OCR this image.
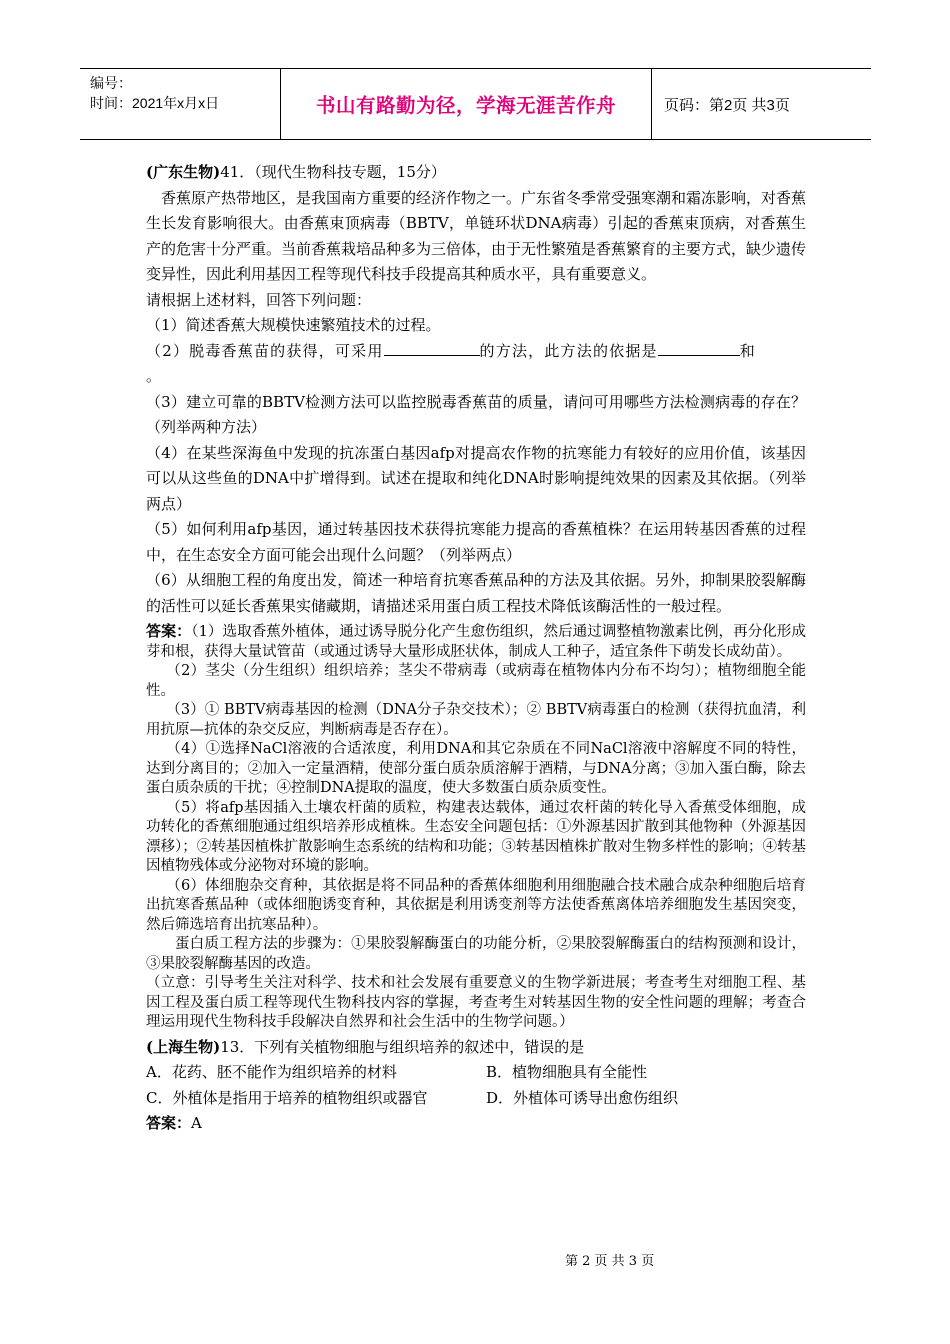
编号：
时间：2021年x月x日	书山有路勤为径，学海无涯苦作舟	页码：第2页 共3页

(广东生物)41．（现代生物科技专题，15分）

香蕉原产热带地区，是我国南方重要的经济作物之一。广东省冬季常受强寒潮和霜冻影响，对香蕉生长发育影响很大。由香蕉束顶病毒（BBTV，单链环状DNA病毒）引起的香蕉束顶病，对香蕉生产的危害十分严重。当前香蕉栽培品种多为三倍体，由于无性繁殖是香蕉繁育的主要方式，缺少遗传变异性，因此利用基因工程等现代科技手段提高其种质水平，具有重要意义。

请根据上述材料，回答下列问题：

（1）简述香蕉大规模快速繁殖技术的过程。

（2）脱毒香蕉苗的获得，可采用	的方法，此方法的依据是	和

。

（3）建立可靠的BBTV检测方法可以监控脱毒香蕉苗的质量，请问可用哪些方法检测病毒的存在？（列举两种方法）

（4）在某些深海鱼中发现的抗冻蛋白基因afp对提高农作物的抗寒能力有较好的应用价值，该基因可以从这些鱼的DNA中扩增得到。试述在提取和纯化DNA时影响提纯效果的因素及其依据。（列举两点）

（5）如何利用afp基因，通过转基因技术获得抗寒能力提高的香蕉植株？在运用转基因香蕉的过程中，在生态安全方面可能会出现什么问题？（列举两点）

（6）从细胞工程的角度出发，简述一种培育抗寒香蕉品种的方法及其依据。另外，抑制果胶裂解酶的活性可以延长香蕉果实储藏期，请描述采用蛋白质工程技术降低该酶活性的一般过程。

答案：（1）选取香蕉外植体，通过诱导脱分化产生愈伤组织，然后通过调整植物激素比例，再分化形成芽和根，获得大量试管苗（或通过诱导大量形成胚状体，制成人工种子，适宜条件下萌发长成幼苗）。

（2）茎尖（分生组织）组织培养；茎尖不带病毒（或病毒在植物体内分布不均匀）；植物细胞全能性。

（3）① BBTV病毒基因的检测（DNA分子杂交技术）；② BBTV病毒蛋白的检测（获得抗血清，利用抗原—抗体的杂交反应，判断病毒是否存在）。

（4）①选择NaCl溶液的合适浓度，利用DNA和其它杂质在不同NaCl溶液中溶解度不同的特性，达到分离目的；②加入一定量酒精，使部分蛋白质杂质溶解于酒精，与DNA分离；③加入蛋白酶，除去蛋白质杂质的干扰；④控制DNA提取的温度，使大多数蛋白质杂质变性。

（5）将afp基因插入土壤农杆菌的质粒，构建表达载体，通过农杆菌的转化导入香蕉受体细胞，成功转化的香蕉细胞通过组织培养形成植株。生态安全问题包括：①外源基因扩散到其他物种（外源基因漂移）；②转基因植株扩散影响生态系统的结构和功能；③转基因植株扩散对生物多样性的影响；④转基因植物残体或分泌物对环境的影响。

（6）体细胞杂交育种，其依据是将不同品种的香蕉体细胞利用细胞融合技术融合成杂种细胞后培育出抗寒香蕉品种（或体细胞诱变育种，其依据是利用诱变剂等方法使香蕉离体培养细胞发生基因突变，然后筛选培育出抗寒品种）。

蛋白质工程方法的步骤为：①果胶裂解酶蛋白的功能分析，②果胶裂解酶蛋白的结构预测和设计，③果胶裂解酶基因的改造。

（立意：引导考生关注对科学、技术和社会发展有重要意义的生物学新进展；考查考生对细胞工程、基因工程及蛋白质工程等现代生物科技内容的掌握，考查考生对转基因生物的安全性问题的理解；考查合理运用现代生物科技手段解决自然界和社会生活中的生物学问题。）

(上海生物)13．下列有关植物细胞与组织培养的叙述中，错误的是

A．花药、胚不能作为组织培养的材料	B．植物细胞具有全能性
C．外植体是指用于培养的植物组织或器官	D．外植体可诱导出愈伤组织

答案：A

第 2 页 共 3 页
